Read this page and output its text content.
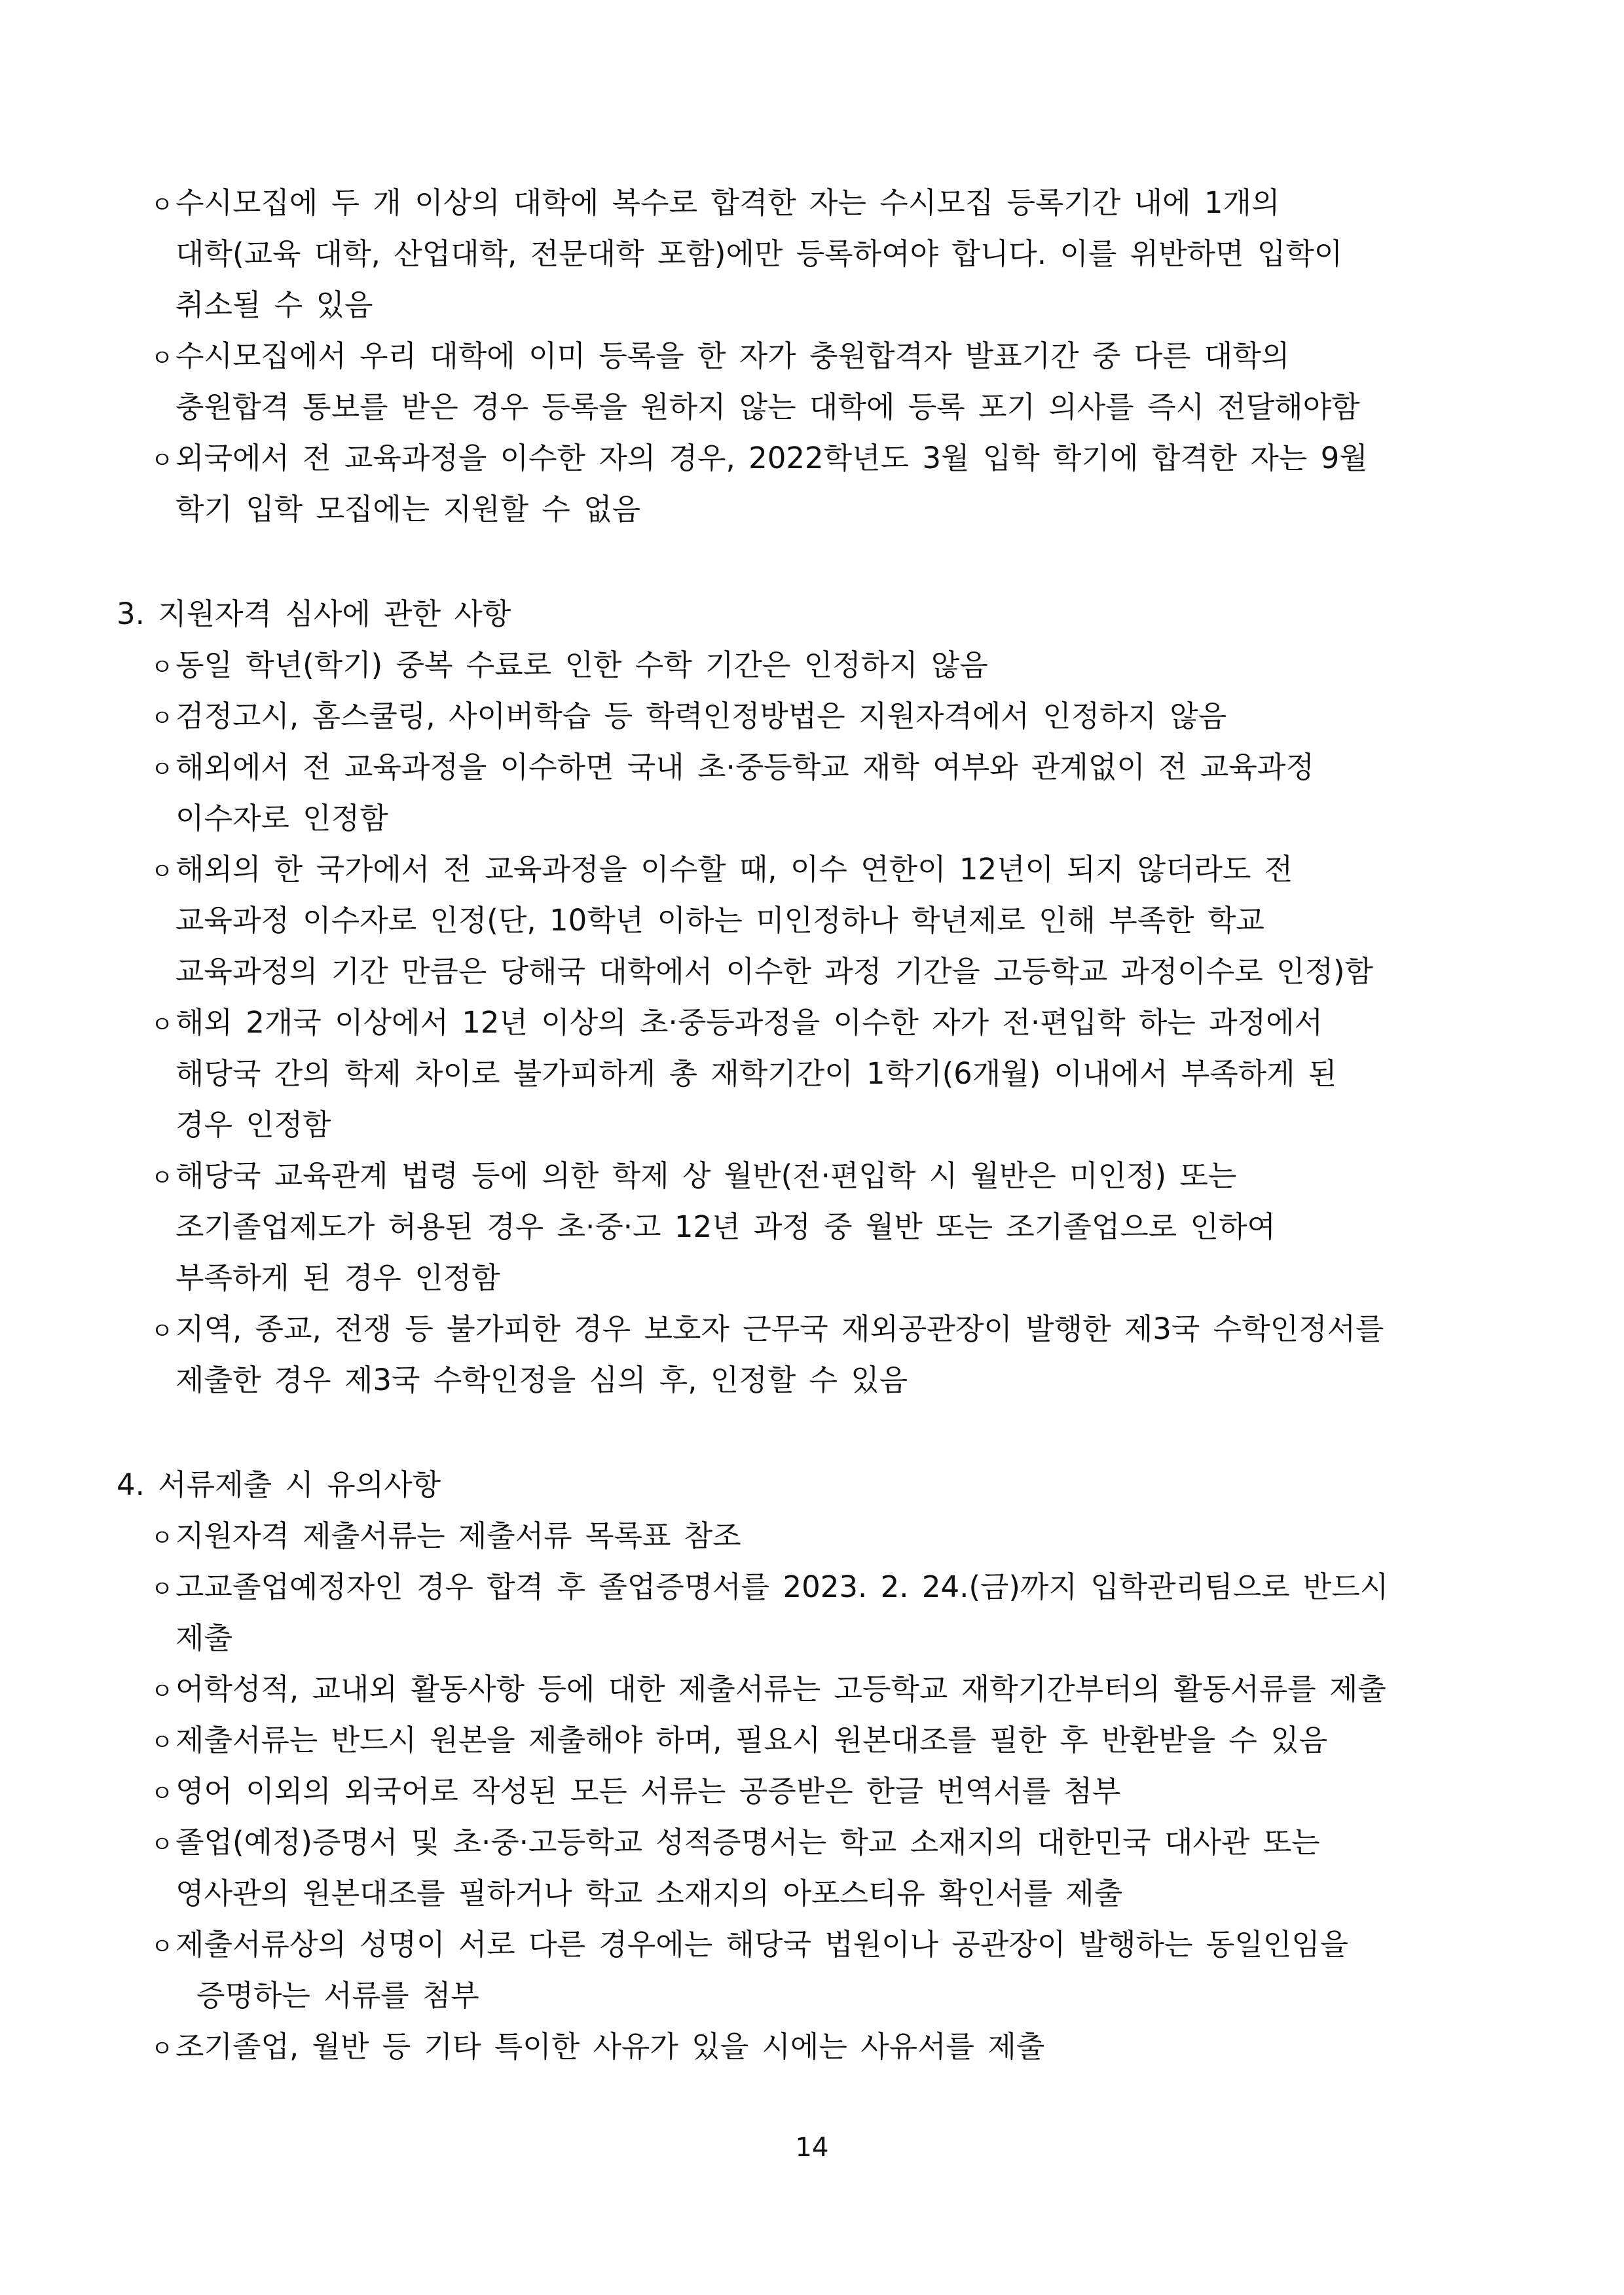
ㅇ수시모집에 두 개 이상의 대학에 복수로 합격한 자는 수시모집 등록기간 내에 1개의
대학(교육 대학, 산업대학, 전문대학 포함)에만 등록하여야 합니다. 이를 위반하면 입학이
취소될 수 있음
ㅇ수시모집에서 우리 대학에 이미 등록을 한 자가 충원합격자 발표기간 중 다른 대학의
충원합격 통보를 받은 경우 등록을 원하지 않는 대학에 등록 포기 의사를 즉시 전달해야함
ㅇ외국에서 전 교육과정을 이수한 자의 경우, 2022학년도 3월 입학 학기에 합격한 자는 9월
학기 입학 모집에는 지원할 수 없음
3. 지원자격 심사에 관한 사항
ㅇ동일 학년(학기) 중복 수료로 인한 수학 기간은 인정하지 않음
ㅇ검정고시, 홈스쿨링, 사이버학습 등 학력인정방법은 지원자격에서 인정하지 않음
ㅇ해외에서 전 교육과정을 이수하면 국내 초·중등학교 재학 여부와 관계없이 전 교육과정
이수자로 인정함
ㅇ해외의 한 국가에서 전 교육과정을 이수할 때, 이수 연한이 12년이 되지 않더라도 전
교육과정 이수자로 인정(단, 10학년 이하는 미인정하나 학년제로 인해 부족한 학교
교육과정의 기간 만큼은 당해국 대학에서 이수한 과정 기간을 고등학교 과정이수로 인정)함
ㅇ해외 2개국 이상에서 12년 이상의 초·중등과정을 이수한 자가 전·편입학 하는 과정에서
해당국 간의 학제 차이로 불가피하게 총 재학기간이 1학기(6개월) 이내에서 부족하게 된
경우 인정함
ㅇ해당국 교육관계 법령 등에 의한 학제 상 월반(전·편입학 시 월반은 미인정) 또는
조기졸업제도가 허용된 경우 초·중·고 12년 과정 중 월반 또는 조기졸업으로 인하여
부족하게 된 경우 인정함
ㅇ지역, 종교, 전쟁 등 불가피한 경우 보호자 근무국 재외공관장이 발행한 제3국 수학인정서를
제출한 경우 제3국 수학인정을 심의 후, 인정할 수 있음
4. 서류제출 시 유의사항
ㅇ지원자격 제출서류는 제출서류 목록표 참조
ㅇ고교졸업예정자인 경우 합격 후 졸업증명서를 2023. 2. 24.(금)까지 입학관리팀으로 반드시
제출
ㅇ어학성적, 교내외 활동사항 등에 대한 제출서류는 고등학교 재학기간부터의 활동서류를 제출
ㅇ제출서류는 반드시 원본을 제출해야 하며, 필요시 원본대조를 필한 후 반환받을 수 있음
ㅇ영어 이외의 외국어로 작성된 모든 서류는 공증받은 한글 번역서를 첨부
ㅇ졸업(예정)증명서 및 초·중·고등학교 성적증명서는 학교 소재지의 대한민국 대사관 또는
영사관의 원본대조를 필하거나 학교 소재지의 아포스티유 확인서를 제출
ㅇ제출서류상의 성명이 서로 다른 경우에는 해당국 법원이나 공관장이 발행하는 동일인임을
증명하는 서류를 첨부
ㅇ조기졸업, 월반 등 기타 특이한 사유가 있을 시에는 사유서를 제출
14
